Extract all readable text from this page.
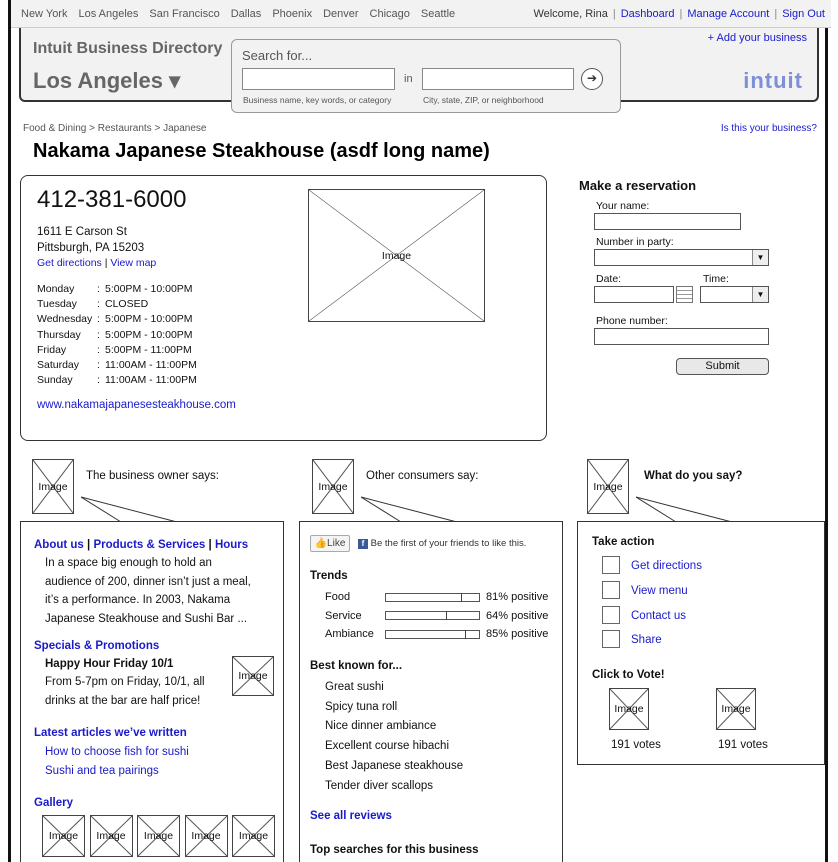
New York Los Angeles San Francisco Dallas Phoenix Denver Chicago Seattle	Welcome, Rina | Dashboard | Manage Account | Sign Out
Intuit Business Directory
Los Angeles ▾
Search for...
Business name, key words, or category
in
City, state, ZIP, or neighborhood
➔
+ Add your business
intuit
Food & Dining > Restaurants > Japanese	Is this your business?
Nakama Japanese Steakhouse (asdf long name)
412-381-6000
1611 E Carson St
Pittsburgh, PA 15203
Get directions | View map
Monday	: 5:00PM - 10:00PM
Tuesday	: CLOSED
Wednesday : 5:00PM - 10:00PM
Thursday	: 5:00PM - 10:00PM
Friday	: 5:00PM - 11:00PM
Saturday	: 11:00AM - 11:00PM
Sunday	: 11:00AM - 11:00PM
www.nakamajapanesesteakhouse.com
Image
Make a reservation
Your name:
Number in party:
▼
Date:	Time:
▼
Phone number:
Submit
Image
The business owner says:
About us | Products & Services | Hours
In a space big enough to hold an
audience of 200, dinner isn’t just a meal,
it’s a performance. In 2003, Nakama
Japanese Steakhouse and Sushi Bar ...
Specials & Promotions
Happy Hour Friday 10/1
From 5-7pm on Friday, 10/1, all
drinks at the bar are half price!
Image
Latest articles we’ve written
How to choose fish for sushi
Sushi and tea pairings
Gallery
Image	Image	Image	Image	Image
Image
Other consumers say:
👍Like	f Be the first of your friends to like this.
Trends
Food	81% positive
Service	64% positive
Ambiance	85% positive
Best known for...
Great sushi
Spicy tuna roll
Nice dinner ambiance
Excellent course hibachi
Best Japanese steakhouse
Tender diver scallops
See all reviews
Top searches for this business
Image
What do you say?
Take action
Get directions
View menu
Contact us
Share
Click to Vote!
Image
191 votes
Image
191 votes
